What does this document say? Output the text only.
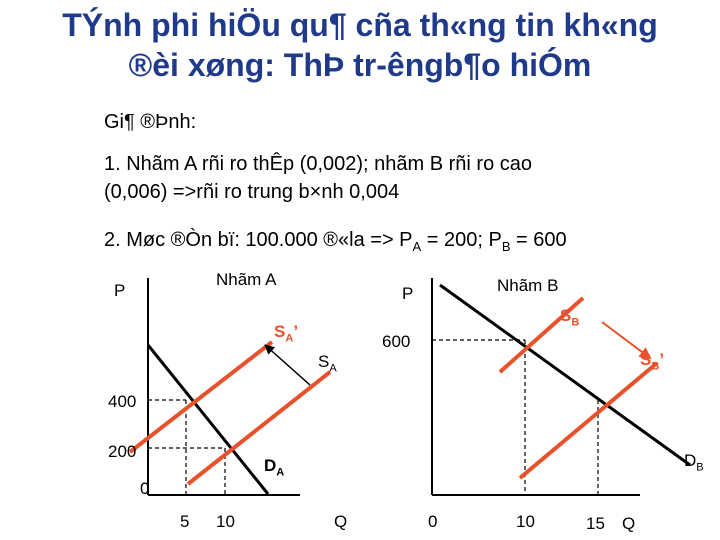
TÝnh phi hiÖu qu¶ cña th«ng tin kh«ng
®èi xøng: ThÞ tr-êngb¶o hiÓm
Gi¶ ®Þnh:
1. Nhãm A rñi ro thÊp (0,002); nhãm B rñi ro cao
(0,006) =>rñi ro trung b×nh 0,004
2. Møc ®Òn bï: 100.000 ®«la => $P_A = 200$; $P_B = 600$
Nhãm A
P
400
200
0
5 10	Q
$S_A$’
$S_A$
$D_A$
Nhãm B
P
600
0	10	15 Q
$S_B$
$S_B$’
$D_B$
